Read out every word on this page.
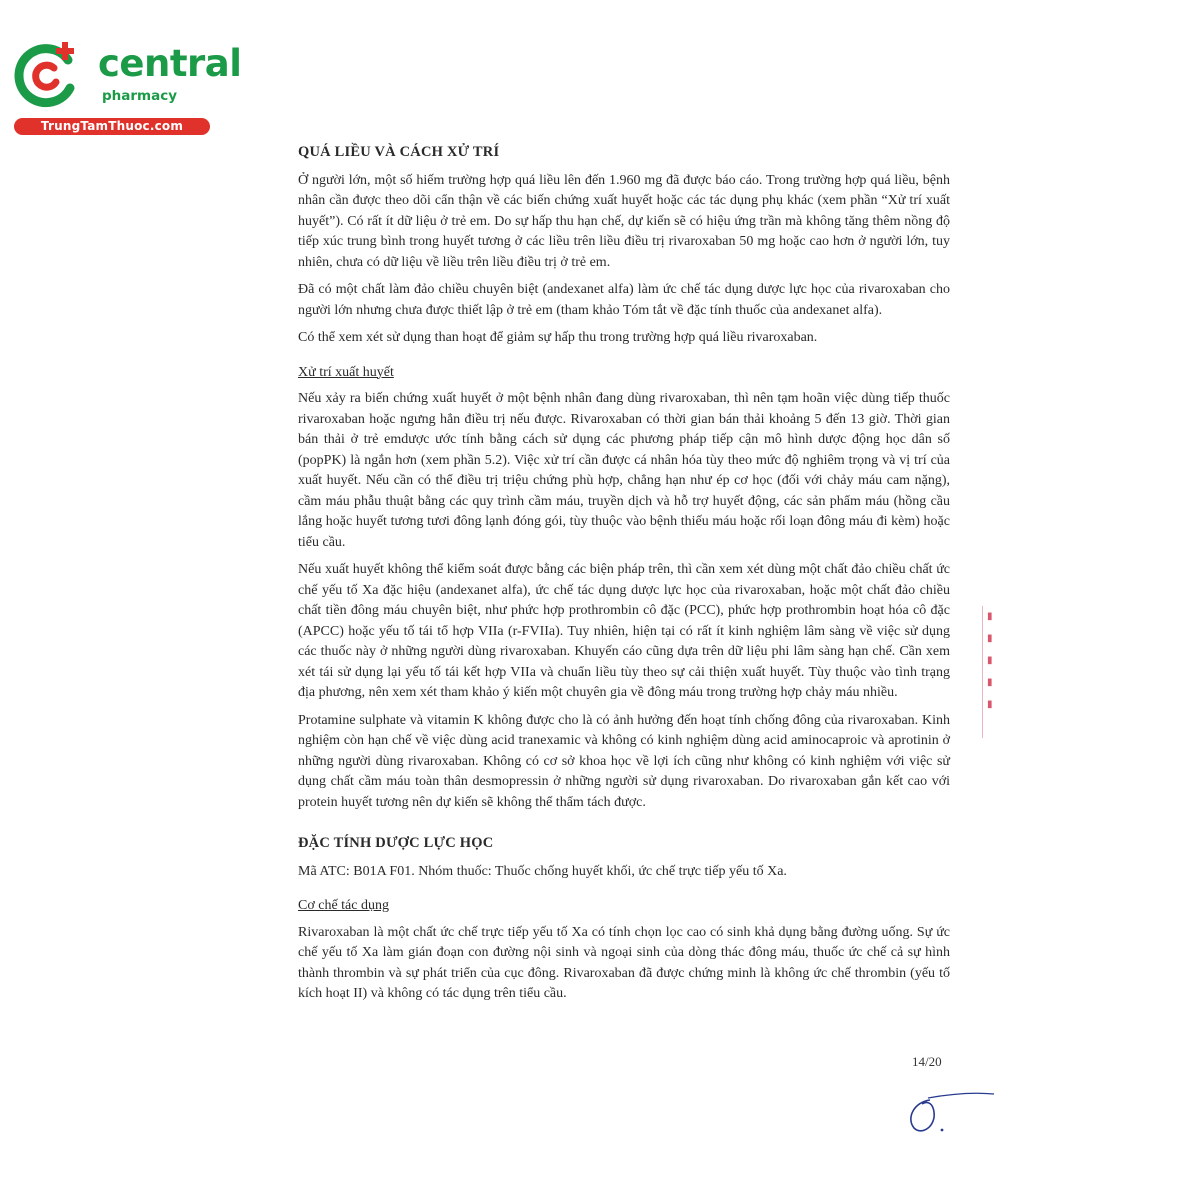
central
pharmacy
TrungTamThuoc.com
QUÁ LIỀU VÀ CÁCH XỬ TRÍ

Ở người lớn, một số hiếm trường hợp quá liều lên đến 1.960 mg đã được báo cáo. Trong trường hợp quá liều, bệnh nhân cần được theo dõi cẩn thận về các biến chứng xuất huyết hoặc các tác dụng phụ khác (xem phần “Xử trí xuất huyết”). Có rất ít dữ liệu ở trẻ em. Do sự hấp thu hạn chế, dự kiến sẽ có hiệu ứng trần mà không tăng thêm nồng độ tiếp xúc trung bình trong huyết tương ở các liều trên liều điều trị rivaroxaban 50 mg hoặc cao hơn ở người lớn, tuy nhiên, chưa có dữ liệu về liều trên liều điều trị ở trẻ em.

Đã có một chất làm đảo chiều chuyên biệt (andexanet alfa) làm ức chế tác dụng dược lực học của rivaroxaban cho người lớn nhưng chưa được thiết lập ở trẻ em (tham khảo Tóm tắt về đặc tính thuốc của andexanet alfa).

Có thể xem xét sử dụng than hoạt để giảm sự hấp thu trong trường hợp quá liều rivaroxaban.

Xử trí xuất huyết

Nếu xảy ra biến chứng xuất huyết ở một bệnh nhân đang dùng rivaroxaban, thì nên tạm hoãn việc dùng tiếp thuốc rivaroxaban hoặc ngưng hẳn điều trị nếu được. Rivaroxaban có thời gian bán thải khoảng 5 đến 13 giờ. Thời gian bán thải ở trẻ emdược ước tính bằng cách sử dụng các phương pháp tiếp cận mô hình dược động học dân số (popPK) là ngắn hơn (xem phần 5.2). Việc xử trí cần được cá nhân hóa tùy theo mức độ nghiêm trọng và vị trí của xuất huyết. Nếu cần có thể điều trị triệu chứng phù hợp, chẳng hạn như ép cơ học (đối với chảy máu cam nặng), cầm máu phẫu thuật bằng các quy trình cầm máu, truyền dịch và hỗ trợ huyết động, các sản phẩm máu (hồng cầu lắng hoặc huyết tương tươi đông lạnh đóng gói, tùy thuộc vào bệnh thiếu máu hoặc rối loạn đông máu đi kèm) hoặc tiểu cầu.

Nếu xuất huyết không thể kiểm soát được bằng các biện pháp trên, thì cần xem xét dùng một chất đảo chiều chất ức chế yếu tố Xa đặc hiệu (andexanet alfa), ức chế tác dụng dược lực học của rivaroxaban, hoặc một chất đảo chiều chất tiền đông máu chuyên biệt, như phức hợp prothrombin cô đặc (PCC), phức hợp prothrombin hoạt hóa cô đặc (APCC) hoặc yếu tố tái tổ hợp VIIa (r-FVIIa). Tuy nhiên, hiện tại có rất ít kinh nghiệm lâm sàng về việc sử dụng các thuốc này ở những người dùng rivaroxaban. Khuyến cáo cũng dựa trên dữ liệu phi lâm sàng hạn chế. Cần xem xét tái sử dụng lại yếu tố tái kết hợp VIIa và chuẩn liều tùy theo sự cải thiện xuất huyết. Tùy thuộc vào tình trạng địa phương, nên xem xét tham khảo ý kiến một chuyên gia về đông máu trong trường hợp chảy máu nhiều.

Protamine sulphate và vitamin K không được cho là có ảnh hưởng đến hoạt tính chống đông của rivaroxaban. Kinh nghiệm còn hạn chế về việc dùng acid tranexamic và không có kinh nghiệm dùng acid aminocaproic và aprotinin ở những người dùng rivaroxaban. Không có cơ sở khoa học về lợi ích cũng như không có kinh nghiệm với việc sử dụng chất cầm máu toàn thân desmopressin ở những người sử dụng rivaroxaban. Do rivaroxaban gắn kết cao với protein huyết tương nên dự kiến sẽ không thể thẩm tách được.

ĐẶC TÍNH DƯỢC LỰC HỌC

Mã ATC: B01A F01. Nhóm thuốc: Thuốc chống huyết khối, ức chế trực tiếp yếu tố Xa.

Cơ chế tác dụng

Rivaroxaban là một chất ức chế trực tiếp yếu tố Xa có tính chọn lọc cao có sinh khả dụng bằng đường uống. Sự ức chế yếu tố Xa làm gián đoạn con đường nội sinh và ngoại sinh của dòng thác đông máu, thuốc ức chế cả sự hình thành thrombin và sự phát triển của cục đông. Rivaroxaban đã được chứng minh là không ức chế thrombin (yếu tố kích hoạt II) và không có tác dụng trên tiểu cầu.

14/20
▮
▮
▮
▮
▮
